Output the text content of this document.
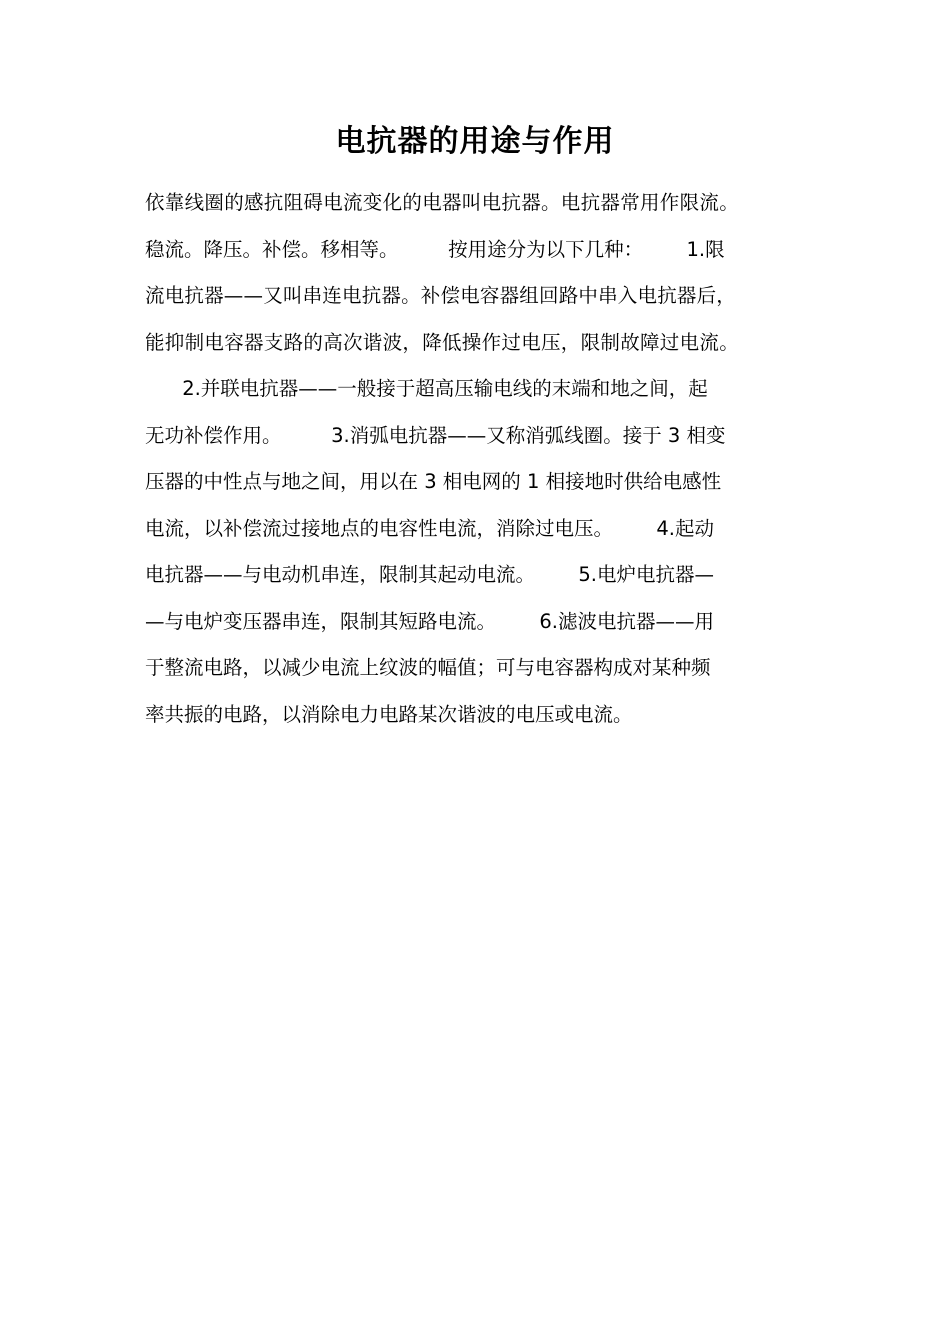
电抗器的用途与作用
依靠线圈的感抗阻碍电流变化的电器叫电抗器。电抗器常用作限流。
稳流。降压。补偿。移相等。        按用途分为以下几种：       1.限
流电抗器——又叫串连电抗器。补偿电容器组回路中串入电抗器后，
能抑制电容器支路的高次谐波，降低操作过电压，限制故障过电流。
2.并联电抗器——一般接于超高压输电线的末端和地之间，起
无功补偿作用。        3.消弧电抗器——又称消弧线圈。接于 3 相变
压器的中性点与地之间，用以在 3 相电网的 1 相接地时供给电感性
电流，以补偿流过接地点的电容性电流，消除过电压。       4.起动
电抗器——与电动机串连，限制其起动电流。       5.电炉电抗器—
—与电炉变压器串连，限制其短路电流。       6.滤波电抗器——用
于整流电路，以减少电流上纹波的幅值；可与电容器构成对某种频
率共振的电路，以消除电力电路某次谐波的电压或电流。
